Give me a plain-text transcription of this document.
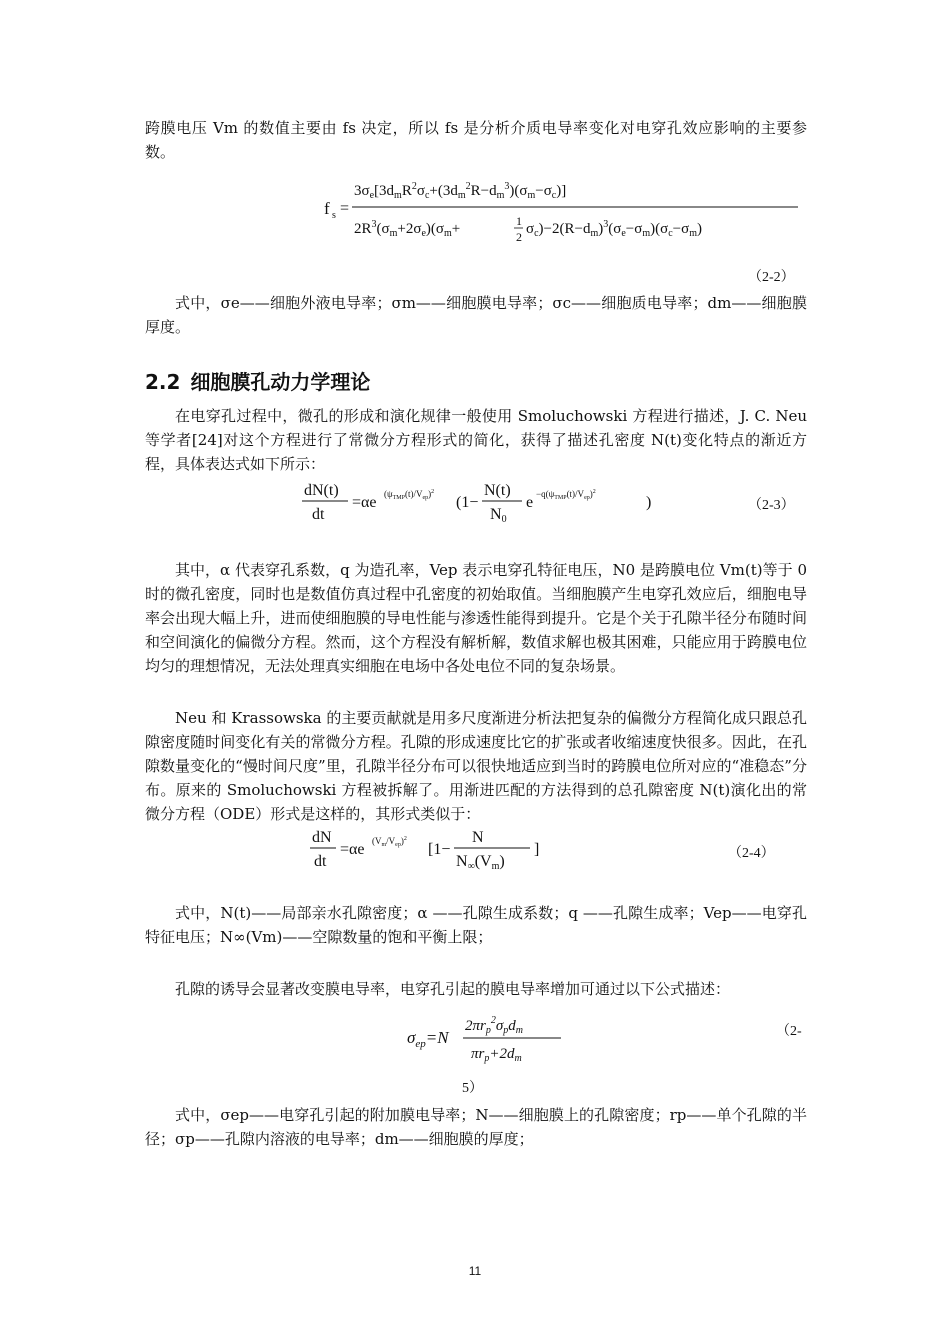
跨膜电压 Vm 的数值主要由 fs 决定，所以 fs 是分析介质电导率变化对电穿孔效应影响的主要参数。

f s =
$3\sigma_e[3d_mR^2\sigma_c+(3d_m^2R-d_m^3)(\sigma_m-\sigma_c)]$
$2R^3(\sigma_m+2\sigma_e)(\sigma_m+$	1
2 $\sigma_c)-2(R-d_m)^3(\sigma_e-\sigma_m)(\sigma_c-\sigma_m)$
（2-2）

式中，σe——细胞外液电导率；σm——细胞膜电导率；σc——细胞质电导率；dm——细胞膜厚度。

2.2 细胞膜孔动力学理论

在电穿孔过程中，微孔的形成和演化规律一般使用 Smoluchowski 方程进行描述，J. C. Neu 等学者[24]对这个方程进行了常微分方程形式的简化，获得了描述孔密度 N(t)变化特点的渐近方程，具体表达式如下所示：

dN(t)
dt
=αe $(\psi_{TMP}(t)/V_{ep})^2$
(1−
N(t)
N0
$e -q(\psi_{TMP}(t)/V_{ep})^2$
)	（2-3）

其中，α 代表穿孔系数，q 为造孔率，Vep 表示电穿孔特征电压，N0 是跨膜电位 Vm(t)等于 0 时的微孔密度，同时也是数值仿真过程中孔密度的初始取值。当细胞膜产生电穿孔效应后，细胞电导率会出现大幅上升，进而使细胞膜的导电性能与渗透性能得到提升。它是个关于孔隙半径分布随时间和空间演化的偏微分方程。然而，这个方程没有解析解，数值求解也极其困难，只能应用于跨膜电位均匀的理想情况，无法处理真实细胞在电场中各处电位不同的复杂场景。

Neu 和 Krassowska 的主要贡献就是用多尺度渐进分析法把复杂的偏微分方程简化成只跟总孔隙密度随时间变化有关的常微分方程。孔隙的形成速度比它的扩张或者收缩速度快很多。因此，在孔隙数量变化的“慢时间尺度”里，孔隙半径分布可以很快地适应到当时的跨膜电位所对应的“准稳态”分布。原来的 Smoluchowski 方程被拆解了。用渐进匹配的方法得到的总孔隙密度 N(t)演化出的常微分方程（ODE）形式是这样的，其形式类似于：

dN
dt
=αe $(V_m/V_{ep})^2$
[1−
N
N∞(Vm)
]	（2-4）

式中，N(t)——局部亲水孔隙密度；α ——孔隙生成系数；q ——孔隙生成率；Vep——电穿孔特征电压；N∞(Vm)——空隙数量的饱和平衡上限；

孔隙的诱导会显著改变膜电导率，电穿孔引起的膜电导率增加可通过以下公式描述：

$\sigma_{ep}=N$
$2\pi r_p^2\sigma_pd_m$
$\pi r_p+2d_m$
（2-
5）

式中，σep——电穿孔引起的附加膜电导率；N——细胞膜上的孔隙密度；rp——单个孔隙的半径；σp——孔隙内溶液的电导率；dm——细胞膜的厚度；

11
